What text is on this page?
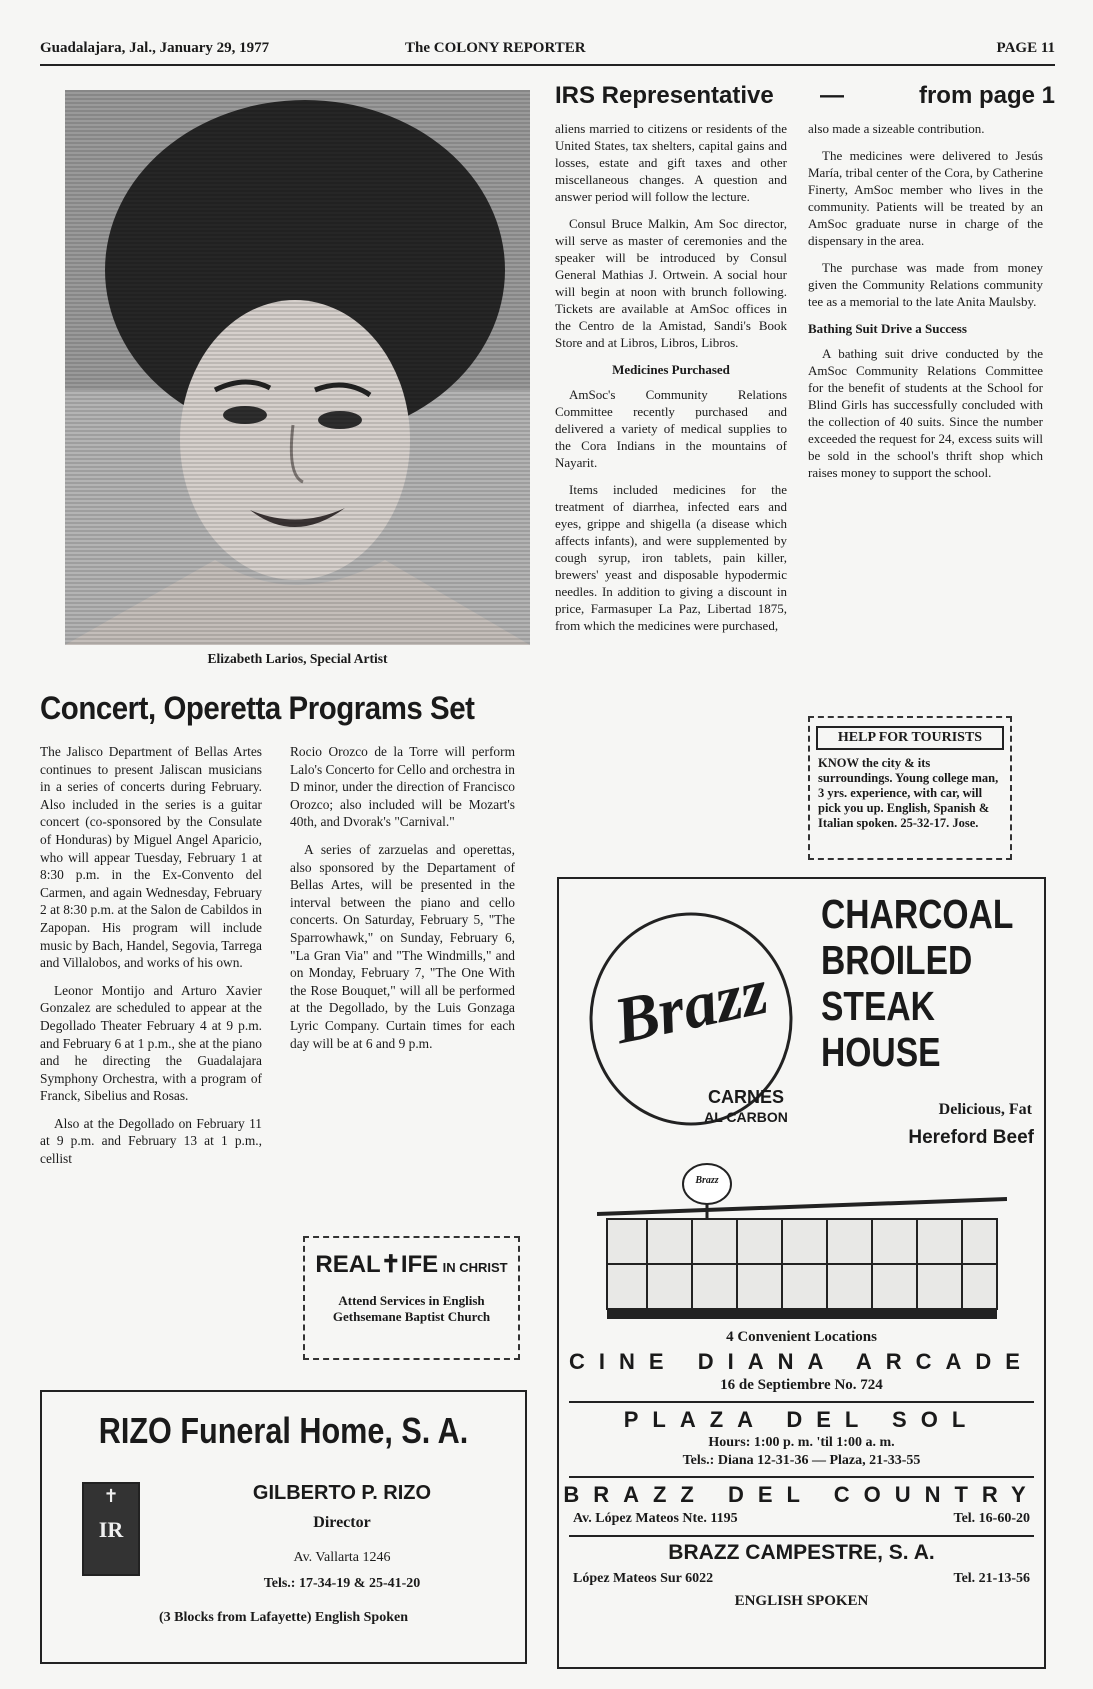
Guadalajara, Jal., January 29, 1977	The COLONY REPORTER	PAGE 11
Elizabeth Larios, Special Artist
Concert, Operetta Programs Set

The Jalisco Department of Bellas Artes continues to present Jaliscan musicians in a series of concerts during February. Also included in the series is a guitar concert (co-sponsored by the Consulate of Honduras) by Miguel Angel Aparicio, who will appear Tuesday, February 1 at 8:30 p.m. in the Ex-Convento del Carmen, and again Wednesday, February 2 at 8:30 p.m. at the Salon de Cabildos in Zapopan. His program will include music by Bach, Handel, Segovia, Tarrega and Villalobos, and works of his own.

Leonor Montijo and Arturo Xavier Gonzalez are scheduled to appear at the Degollado Theater February 4 at 9 p.m. and February 6 at 1 p.m., she at the piano and he directing the Guadalajara Symphony Orchestra, with a program of Franck, Sibelius and Rosas.

Also at the Degollado on February 11 at 9 p.m. and February 13 at 1 p.m., cellist

Rocio Orozco de la Torre will perform Lalo's Concerto for Cello and orchestra in D minor, under the direction of Francisco Orozco; also included will be Mozart's 40th, and Dvorak's "Carnival."

A series of zarzuelas and operettas, also sponsored by the Departament of Bellas Artes, will be presented in the interval between the piano and cello concerts. On Saturday, February 5, "The Sparrowhawk," on Sunday, February 6, "La Gran Via" and "The Windmills," and on Monday, February 7, "The One With the Rose Bouquet," will all be performed at the Degollado, by the Luis Gonzaga Lyric Company. Curtain times for each day will be at 6 and 9 p.m.

REAL✝IFE IN CHRIST
Attend Services in English
Gethsemane Baptist Church
RIZO Funeral Home, S. A.
✝
IR
GILBERTO P. RIZO
Director
Av. Vallarta 1246
Tels.: 17-34-19 & 25-41-20
(3 Blocks from Lafayette) English Spoken
IRS Representative —	from page 1

aliens married to citizens or residents of the United States, tax shelters, capital gains and losses, estate and gift taxes and other miscellaneous changes. A question and answer period will follow the lecture.

Consul Bruce Malkin, Am Soc director, will serve as master of ceremonies and the speaker will be introduced by Consul General Mathias J. Ortwein. A social hour will begin at noon with brunch following. Tickets are available at AmSoc offices in the Centro de la Amistad, Sandi's Book Store and at Libros, Libros, Libros.

Medicines Purchased

AmSoc's Community Relations Committee recently purchased and delivered a variety of medical supplies to the Cora Indians in the mountains of Nayarit.

Items included medicines for the treatment of diarrhea, infected ears and eyes, grippe and shigella (a disease which affects infants), and were supplemented by cough syrup, iron tablets, pain killer, brewers' yeast and disposable hypodermic needles. In addition to giving a discount in price, Farmasuper La Paz, Libertad 1875, from which the medicines were purchased,

also made a sizeable contribution.

The medicines were delivered to Jesús María, tribal center of the Cora, by Catherine Finerty, AmSoc member who lives in the community. Patients will be treated by an AmSoc graduate nurse in charge of the dispensary in the area.

The purchase was made from money given the Community Relations community tee as a memorial to the late Anita Maulsby.

Bathing Suit Drive a Success

A bathing suit drive conducted by the AmSoc Community Relations Committee for the benefit of students at the School for Blind Girls has successfully concluded with the collection of 40 suits. Since the number exceeded the request for 24, excess suits will be sold in the school's thrift shop which raises money to support the school.

HELP FOR TOURISTS
KNOW the city & its surroundings. Young college man, 3 yrs. experience, with car, will pick you up. English, Spanish & Italian spoken. 25-32-17. Jose.
Brazz
CARNES
AL CARBON
CHARCOAL
BROILED
STEAK
HOUSE
Delicious, Fat
Hereford Beef
Brazz
4 Convenient Locations
CINE DIANA ARCADE
16 de Septiembre No. 724
PLAZA DEL SOL
Hours: 1:00 p. m. 'til 1:00 a. m.
Tels.: Diana 12-31-36 — Plaza, 21-33-55
BRAZZ DEL COUNTRY
Av. López Mateos Nte. 1195	Tel. 16-60-20
BRAZZ CAMPESTRE, S. A.
López Mateos Sur 6022	Tel. 21-13-56
ENGLISH SPOKEN
